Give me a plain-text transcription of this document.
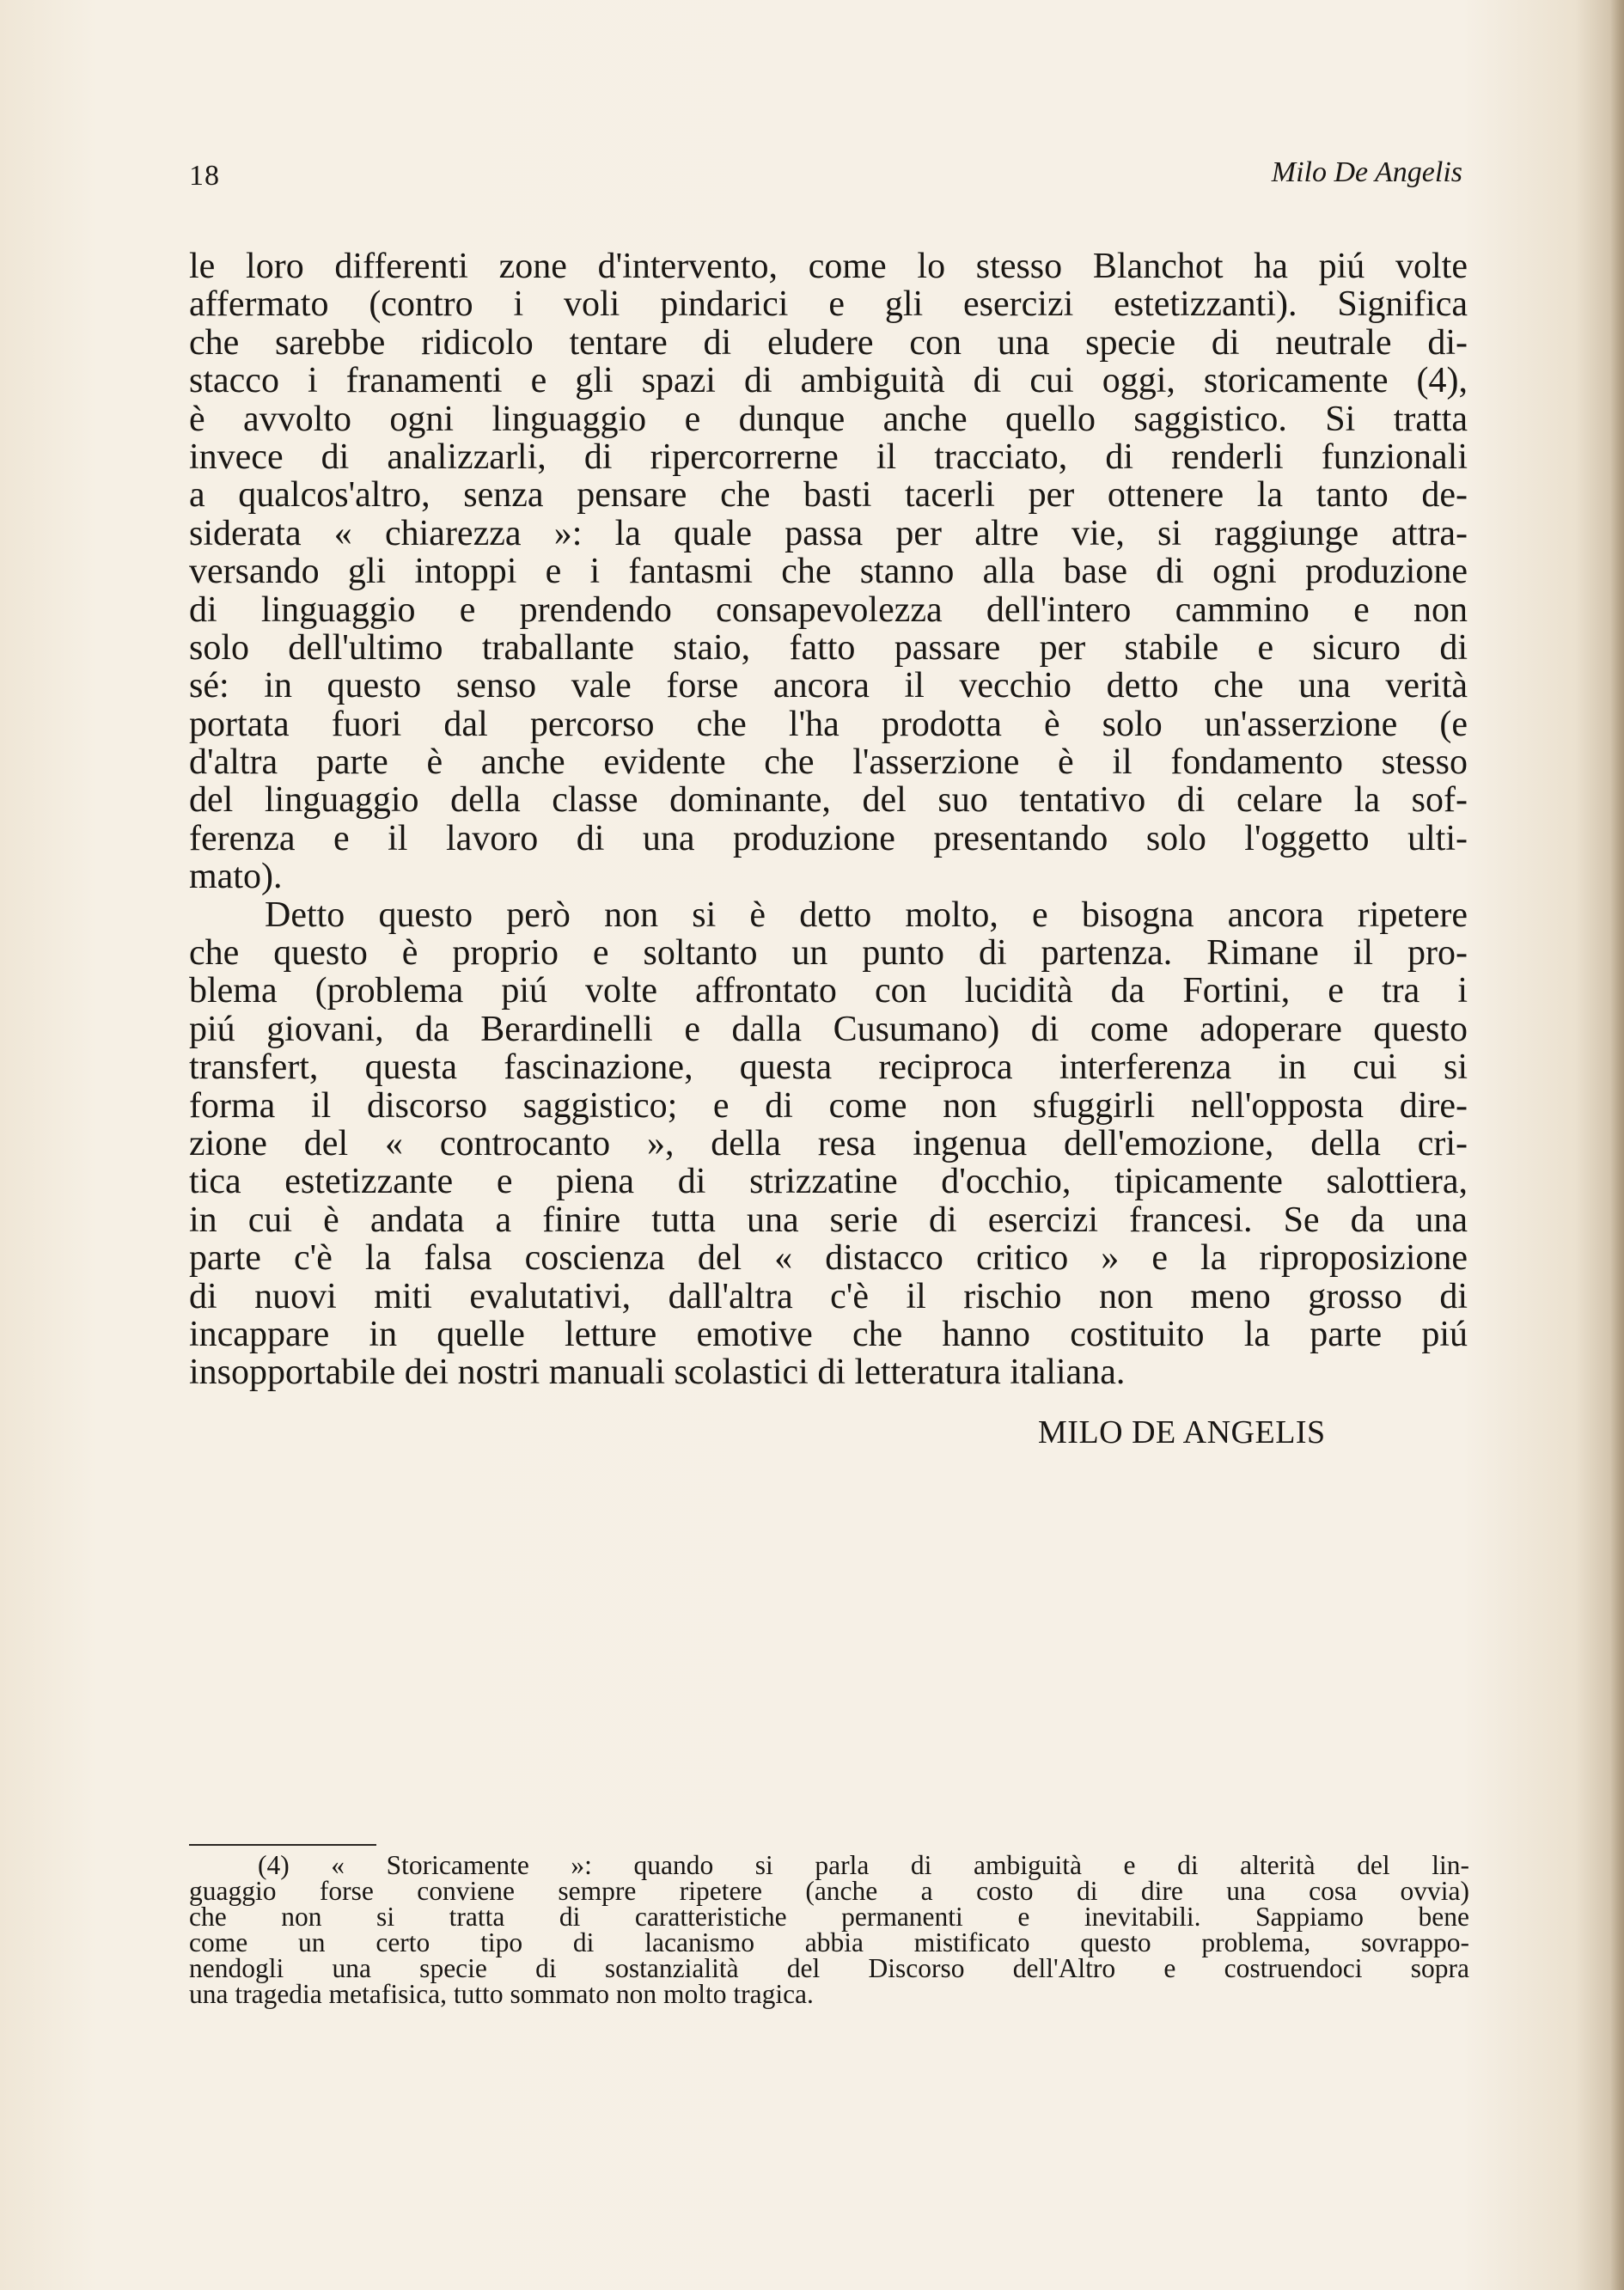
18	Milo De Angelis
le loro differenti zone d'intervento, come lo stesso Blanchot ha piú volte
affermato (contro i voli pindarici e gli esercizi estetizzanti). Significa
che sarebbe ridicolo tentare di eludere con una specie di neutrale di-
stacco i franamenti e gli spazi di ambiguità di cui oggi, storicamente (4),
è avvolto ogni linguaggio e dunque anche quello saggistico. Si tratta
invece di analizzarli, di ripercorrerne il tracciato, di renderli funzionali
a qualcos'altro, senza pensare che basti tacerli per ottenere la tanto de-
siderata « chiarezza »: la quale passa per altre vie, si raggiunge attra-
versando gli intoppi e i fantasmi che stanno alla base di ogni produzione
di linguaggio e prendendo consapevolezza dell'intero cammino e non
solo dell'ultimo traballante staio, fatto passare per stabile e sicuro di
sé: in questo senso vale forse ancora il vecchio detto che una verità
portata fuori dal percorso che l'ha prodotta è solo un'asserzione (e
d'altra parte è anche evidente che l'asserzione è il fondamento stesso
del linguaggio della classe dominante, del suo tentativo di celare la sof-
ferenza e il lavoro di una produzione presentando solo l'oggetto ulti-
mato).
Detto questo però non si è detto molto, e bisogna ancora ripetere
che questo è proprio e soltanto un punto di partenza. Rimane il pro-
blema (problema piú volte affrontato con lucidità da Fortini, e tra i
piú giovani, da Berardinelli e dalla Cusumano) di come adoperare questo
transfert, questa fascinazione, questa reciproca interferenza in cui si
forma il discorso saggistico; e di come non sfuggirli nell'opposta dire-
zione del « controcanto », della resa ingenua dell'emozione, della cri-
tica estetizzante e piena di strizzatine d'occhio, tipicamente salottiera,
in cui è andata a finire tutta una serie di esercizi francesi. Se da una
parte c'è la falsa coscienza del « distacco critico » e la riproposizione
di nuovi miti evalutativi, dall'altra c'è il rischio non meno grosso di
incappare in quelle letture emotive che hanno costituito la parte piú
insopportabile dei nostri manuali scolastici di letteratura italiana.
MILO DE ANGELIS
(4) « Storicamente »: quando si parla di ambiguità e di alterità del lin-
guaggio forse conviene sempre ripetere (anche a costo di dire una cosa ovvia)
che non si tratta di caratteristiche permanenti e inevitabili. Sappiamo bene
come un certo tipo di lacanismo abbia mistificato questo problema, sovrappo-
nendogli una specie di sostanzialità del Discorso dell'Altro e costruendoci sopra
una tragedia metafisica, tutto sommato non molto tragica.
